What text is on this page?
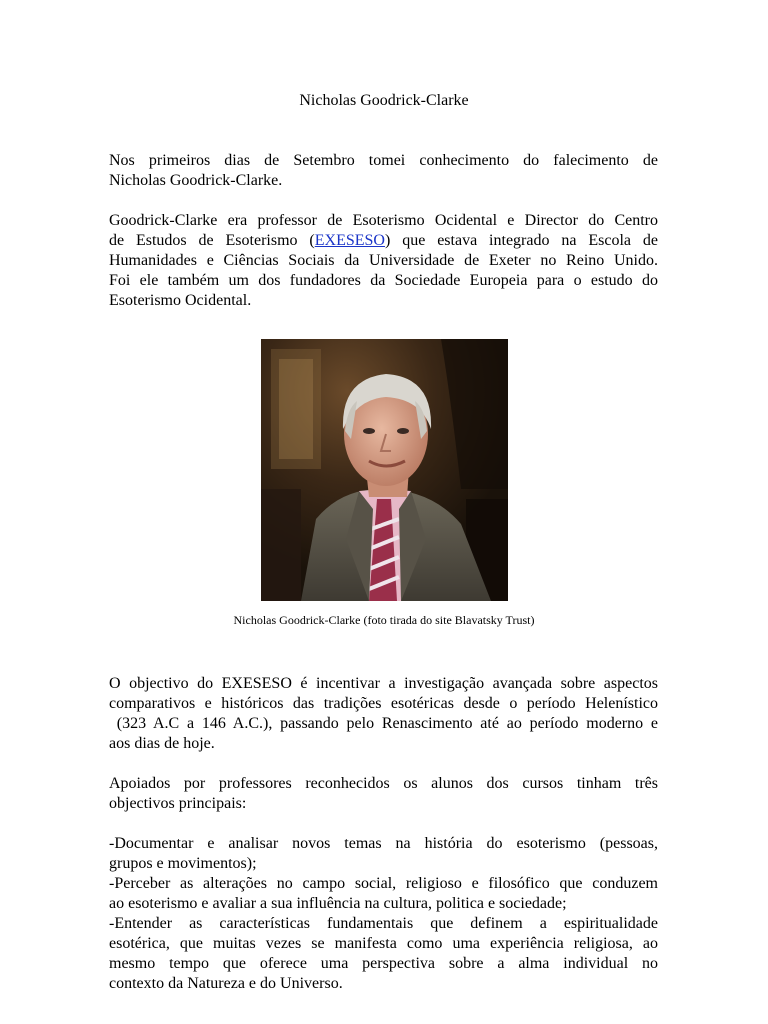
Nicholas Goodrick-Clarke
Nos primeiros dias de Setembro tomei conhecimento do falecimento de
Nicholas Goodrick-Clarke.
Goodrick-Clarke era professor de Esoterismo Ocidental e Director do Centro
de Estudos de Esoterismo (EXESESO) que estava integrado na Escola de
Humanidades e Ciências Sociais da Universidade de Exeter no Reino Unido.
Foi ele também um dos fundadores da Sociedade Europeia para o estudo do
Esoterismo Ocidental.
Nicholas Goodrick-Clarke (foto tirada do site Blavatsky Trust)
O objectivo do EXESESO é incentivar a investigação avançada sobre aspectos
comparativos e históricos das tradições esotéricas desde o período Helenístico
(323 A.C a 146 A.C.), passando pelo Renascimento até ao período moderno e
aos dias de hoje.
Apoiados por professores reconhecidos os alunos dos cursos tinham três
objectivos principais:
-Documentar e analisar novos temas na história do esoterismo (pessoas,
grupos e movimentos);
-Perceber as alterações no campo social, religioso e filosófico que conduzem
ao esoterismo e avaliar a sua influência na cultura, politica e sociedade;
-Entender as características fundamentais que definem a espiritualidade
esotérica, que muitas vezes se manifesta como uma experiência religiosa, ao
mesmo tempo que oferece uma perspectiva sobre a alma individual no
contexto da Natureza e do Universo.
